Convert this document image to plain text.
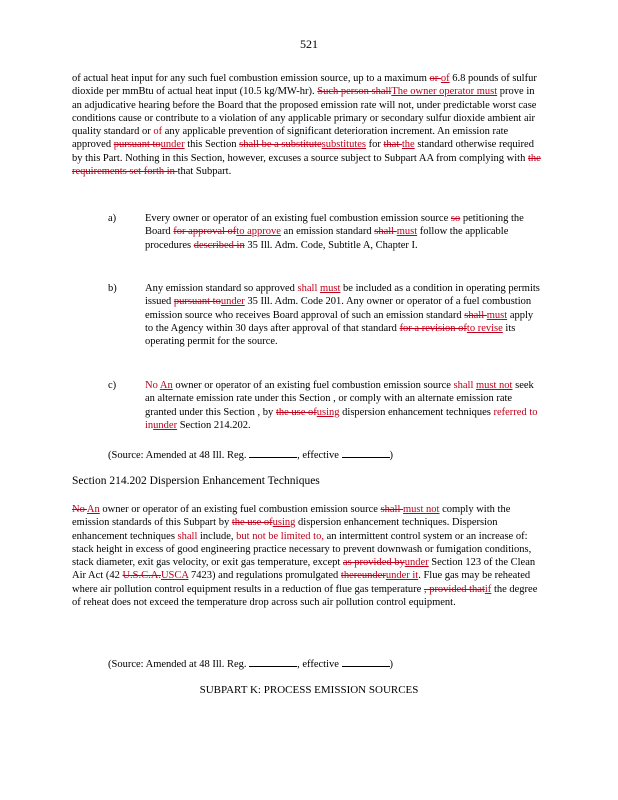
521
of actual heat input for any such fuel combustion emission source, up to a maximum or of 6.8 pounds of sulfur dioxide per mmBtu of actual heat input (10.5 kg/MW-hr). Such person shallThe owner operator must prove in an adjudicative hearing before the Board that the proposed emission rate will not, under predictable worst case conditions cause or contribute to a violation of any applicable primary or secondary sulfur dioxide ambient air quality standard or of any applicable prevention of significant deterioration increment. An emission rate approved pursuant tounder this Section shall be a substitutesubstitutes for that the standard otherwise required by this Part. Nothing in this Section, however, excuses a source subject to Subpart AA from complying with the requirements set forth in that Subpart.
a)	Every owner or operator of an existing fuel combustion emission source so petitioning the Board for approval ofto approve an emission standard shall must follow the applicable procedures described in 35 Ill. Adm. Code, Subtitle A, Chapter I.
b)	Any emission standard so approved shall must be included as a condition in operating permits issued pursuant tounder 35 Ill. Adm. Code 201. Any owner or operator of a fuel combustion emission source who receives Board approval of such an emission standard shall must apply to the Agency within 30 days after approval of that standard for a revision ofto revise its operating permit for the source.
c)	No An owner or operator of an existing fuel combustion emission source shall must not seek an alternate emission rate under this Section , or comply with an alternate emission rate granted under this Section , by the use ofusing dispersion enhancement techniques referred to inunder Section 214.202.
(Source: Amended at 48 Ill. Reg.	, effective	)
Section 214.202 Dispersion Enhancement Techniques
No An owner or operator of an existing fuel combustion emission source shall must not comply with the emission standards of this Subpart by the use ofusing dispersion enhancement techniques. Dispersion enhancement techniques shall include, but not be limited to, an intermittent control system or an increase of: stack height in excess of good engineering practice necessary to prevent downwash or fumigation conditions, stack diameter, exit gas velocity, or exit gas temperature, except as provided byunder Section 123 of the Clean Air Act (42 U.S.C.A.USCA 7423) and regulations promulgated thereunderunder it. Flue gas may be reheated where air pollution control equipment results in a reduction of flue gas temperature , provided thatif the degree of reheat does not exceed the temperature drop across such air pollution control equipment.
(Source: Amended at 48 Ill. Reg.	, effective	)
SUBPART K: PROCESS EMISSION SOURCES
